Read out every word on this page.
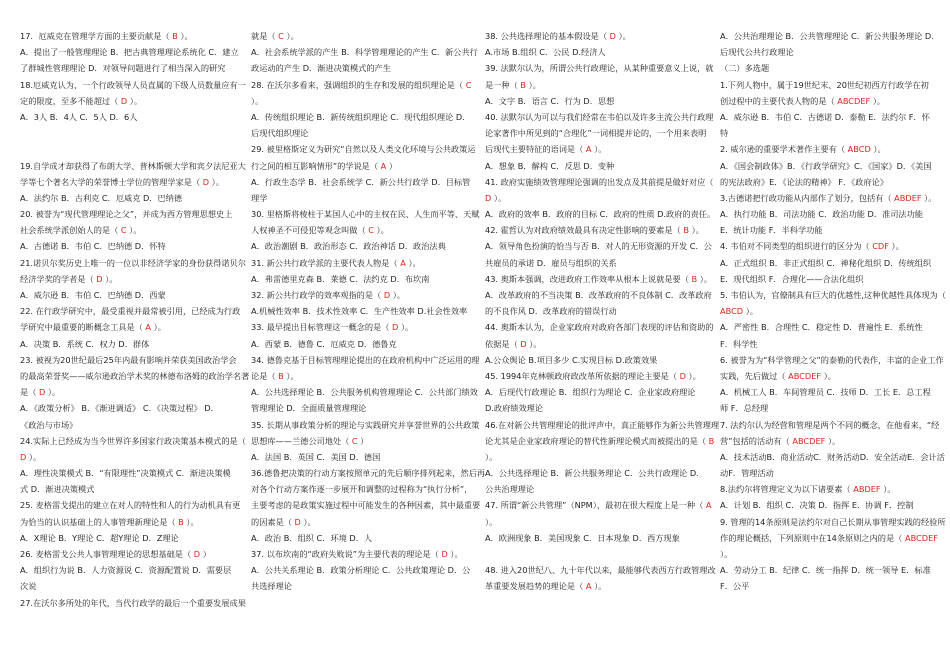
17．厄威克在管理学方面的主要贡献是（ B ）。
A．提出了一般管理理论 B．把古典管理理论系统化 C．建立
了群城性管理理论 D．对领导问题进行了相当深入的研究
18.厄威克认为，一个行政领导人员直属的下级人员数量应有一
定的限度，至多不能超过（ D ）。
A．3人 B．4人 C．5人 D．6人
19.自学成才却获得了布朗大学、普林斯顿大学和宾夕法尼亚大
学等七个著名大学的荣誉博士学位的管理学家是（ D ）。
A．法约尔 B．古利克 C．厄威克 D．巴纳德
20. 被誉为“现代管理理论之父”，并成为西方管理思想史上
社会系统学派创始人的是（ C ）。
A．古德诺 B．韦伯 C．巴纳德 D．怀特
21.诺贝尔奖历史上唯一的一位以非经济学家的身份获得诺贝尔
经济学奖的学者是（ D ）。
A．威尔逊 B．韦伯 C．巴纳德 D．西蒙
22. 在行政学研究中，最受重视并最常被引用，已经成为行政
学研究中最重要的断概念工具是（ A ）。
A．决策 B．系统 C．权力 D．群体
23. 被视为20世纪最后25年内最有影响并荣获美国政治学会
的最高荣誉奖——威尔逊政治学术奖的林德布洛姆的政治学名著
是（ D ）。
A．《政策分析》 B．《渐进调适》 C．《决策过程》 D．
《政治与市场》
24.实际上已经成为当今世界许多国家行政决策基本模式的是（
D ）。
A．理性决策模式 B．“有限理性”决策模式 C．渐进决策模
式 D．渐进决策模式
25. 麦格雷戈提出的建立在对人的特性和人的行为动机具有更
为恰当的认识基础上的人事管理新理论是（ B ）。
A．X理论 B．Y理论 C．超Y理论 D．Z理论
26. 麦格雷戈公共人事管理理论的思想基础是（ D ）
A．组织行为说 B．人力资源说 C．资源配置说 D．需要层
次说
27.在沃尔多所处的年代，当代行政学的最后一个重要发展成果
就是（ C ）。
A．社会系统学派的产生 B．科学管理理论的产生 C．新公共行
政运动的产生 D．渐进决策模式的产生
28. 在沃尔多看来，强调组织的生存和发展的组织理论是（ C
）。
A．传统组织理论 B．新传统组织理论 C．现代组织理论 D．
后现代组织理论
29. 被里格斯定义为研究“自然以及人类文化环境与公共政策运
行之间的相互影响情形”的学说是（ A ）
A．行政生态学 B．社会系统学 C．新公共行政学 D．目标管
理学
30. 里格斯将棱柱于某国人心中的主权在民、人生而平等、天赋
人权神圣不可侵犯等观念叫做（ C ）。
A．政治潮剧 B．政治形态 C．政治神话 D．政治法典
31. 新公共行政学派的主要代表人物是（ A ）。
A．弗雷德里克森 B．莱德 C．法约克 D．布坎南
32. 新公共行政学的效率观指的是（ D ）。
A.机械性效率 B．技术性效率 C．生产性效率 D.社会性效率
33. 最早提出目标管理这一概念的是（ D ）。
A．西蒙 B．德鲁 C．厄威克 D．德鲁克
34. 德鲁克基于目标管理理论提出的在政府机构中广泛运用的理
论是（ B ）。
A．公共选择理论 B．公共服务机构管理理论 C．公共部门绩效
管理理论 D．全面质量管理理论
35. 长期从事政策分析的理论与实践研究并享誉世界的公共政策
思想库——兰德公司地处（ C ）
A．法国 B．英国 C．美国 D．德国
36.德鲁把决策的行动方案按照单元的先后顺序排列起来，然后再
对各个行动方案作逐一步展开和调整的过程称为“执行分析”，
主要考虑的是政策实施过程中可能发生的各种因素，其中最重要
的因素是（ D ）。
A．政治 B．组织 C．环境 D．人
37. 以布坎南的“政府失败说”为主要代表的理论是（ D ）。
A．公共关系理论 B．政策分析理论 C．公共政策理论 D．公
共选择理论
38. 公共选择理论的基本假设是（ D ）。
A.市场 B.组织 C．公民 D.经济人
39. 法默尔认为，所谓公共行政理论，从某种重要意义上说，就
是一种（ B ）。
A．文字 B．语言 C．行为 D．思想
40. 法默尔认为可以与我们经常在韦伯以及许多主流公共行政理
论家著作中所见到的“合理化”一词相提并论的，一个用来表明
后现代主要特征的语词是（ A ）。
A．想象 B．解构 C．反思 D．变种
41. 政府实施绩效管理理论强调的出发点及其前提是做好对应（
D ）。
A．政府的效率 B．政府的目标 C．政府的性质 D.政府的责任。
42. 霍哲认为对政府绩效最具有决定性影响的要素是（ B ）。
A．领导角色扮演的恰当与否 B．对人的无形资源的开发 C．公
共雇员的承诺 D．雇员与组织的关系
43. 奥斯本强调，改进政府工作效率从根本上说就是要（ B ）。
A．改革政府的不当决策 B．改革政府的不良体制 C．改革政府
的不良作风 D．改革政府的错误行动
44. 奥斯本认为，企业家政府对政府各部门表现的评估和资助的
依据是（ D ）。
A.公众舆论 B.项目多少 C.实现目标 D.政策效果
45. 1994年克林顿政府政改革所依据的理论主要是（ D ）。
A．后现代行政理论 B．组织行为理论 C．企业家政府理论
D.政府绩效理论
46.在对新公共管理理论的批评声中，真正能够作为新公共管理理
论尤其是企业家政府理论的替代性新理论模式而被提出的是（ B
）。
A．公共选择理论 B．新公共服务理论 C．公共行政理论 D．
公共治理理论
47. 所谓“新公共管理”（NPM），最初在很大程度上是一种（ A
）。
A．欧洲现象 B．美国现象 C．日本现象 D．西方现象
48. 进入20世纪八、九十年代以来，最能够代表西方行政管理改
革重要发展趋势的理论是（ A ）。
A．公共治理理论 B．公共管理理论 C．新公共服务理论 D．
后现代公共行政理论
（二）多选题
1.下列人物中，属于19世纪末、20世纪初西方行政学在初
创过程中的主要代表人物的是（ ABCDEF ）。
A．威尔逊 B．韦伯 C．古德诺 D．泰勒 E．法约尔 F．怀
特
2. 威尔逊的重要学术著作主要有（ ABCD ）。
A．《国会制政体》B．《行政学研究》C．《国家》D．《美国
的宪法政府》E．《论法的精神》 F．《政府论》
3.古德诺把行政功能从内部作了划分，包括有（ ABDEF ）。
A．执行功能 B．司法功能 C．政治功能 D．准司法功能
E．统计功能 F．半科学功能
4. 韦伯对不同类型的组织进行的区分为（ CDF ）。
A．正式组织 B．非正式组织 C．神秘化组织 D．传统组织
E．现代组织 F．合理化——合法化组织
5. 韦伯认为，官僚制具有巨大的优越性,这种优越性具体现为（
ABCD ）。
A．严密性 B．合理性 C．稳定性 D．普遍性 E．系统性
F．科学性
6. 被誉为为“科学管理之父”的泰勒的代表作，丰富的企业工作
实践，先后做过（ ABCDEF ）。
A．机械工人 B．车间管理员 C．技师 D．工长 E．总工程
师 F．总经理
7. 法约尔认为经营和管理是两个不同的概念，在他看来，“经
营”包括的活动有（ ABCDEF ）。
A．技术活动B．商业活动C．财务活动D．安全活动E．会计活
动F．管理活动
8.法约尔将管理定义为以下诸要素（ ABDEF ）。
A．计划 B．组织 C．决策 D．指挥 E．协调 F．控制
9. 管理的14条原则是法约尔对自己长期从事管理实践的经验所
作的理论概括，下列原则中在14条原则之内的是（ ABCDEF
）。
A．劳动分工 B．纪律 C．统一指挥 D．统一领导 E．标准
F．公平
